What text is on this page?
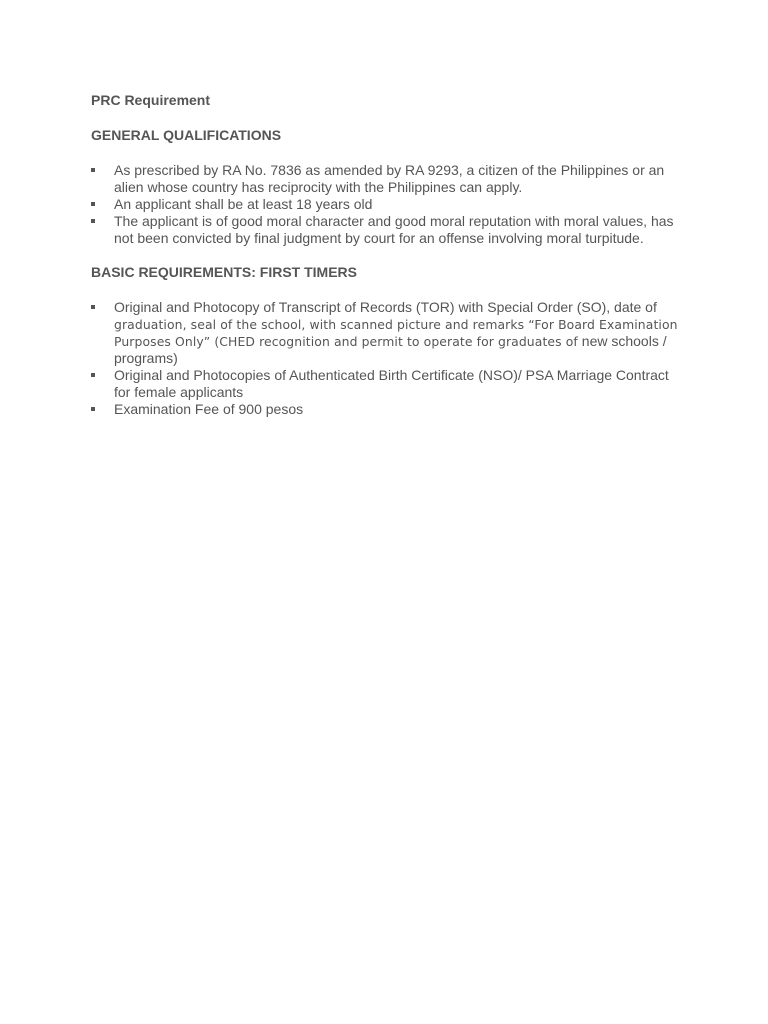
PRC Requirement
GENERAL QUALIFICATIONS
As prescribed by RA No. 7836 as amended by RA 9293, a citizen of the Philippines or an alien whose country has reciprocity with the Philippines can apply.
An applicant shall be at least 18 years old
The applicant is of good moral character and good moral reputation with moral values, has not been convicted by final judgment by court for an offense involving moral turpitude.
BASIC REQUIREMENTS: FIRST TIMERS
Original and Photocopy of Transcript of Records (TOR) with Special Order (SO), date of graduation, seal of the school, with scanned picture and remarks “For Board Examination Purposes Only” (CHED recognition and permit to operate for graduates of new schools / programs)
Original and Photocopies of Authenticated Birth Certificate (NSO)/ PSA Marriage Contract for female applicants
Examination Fee of 900 pesos
